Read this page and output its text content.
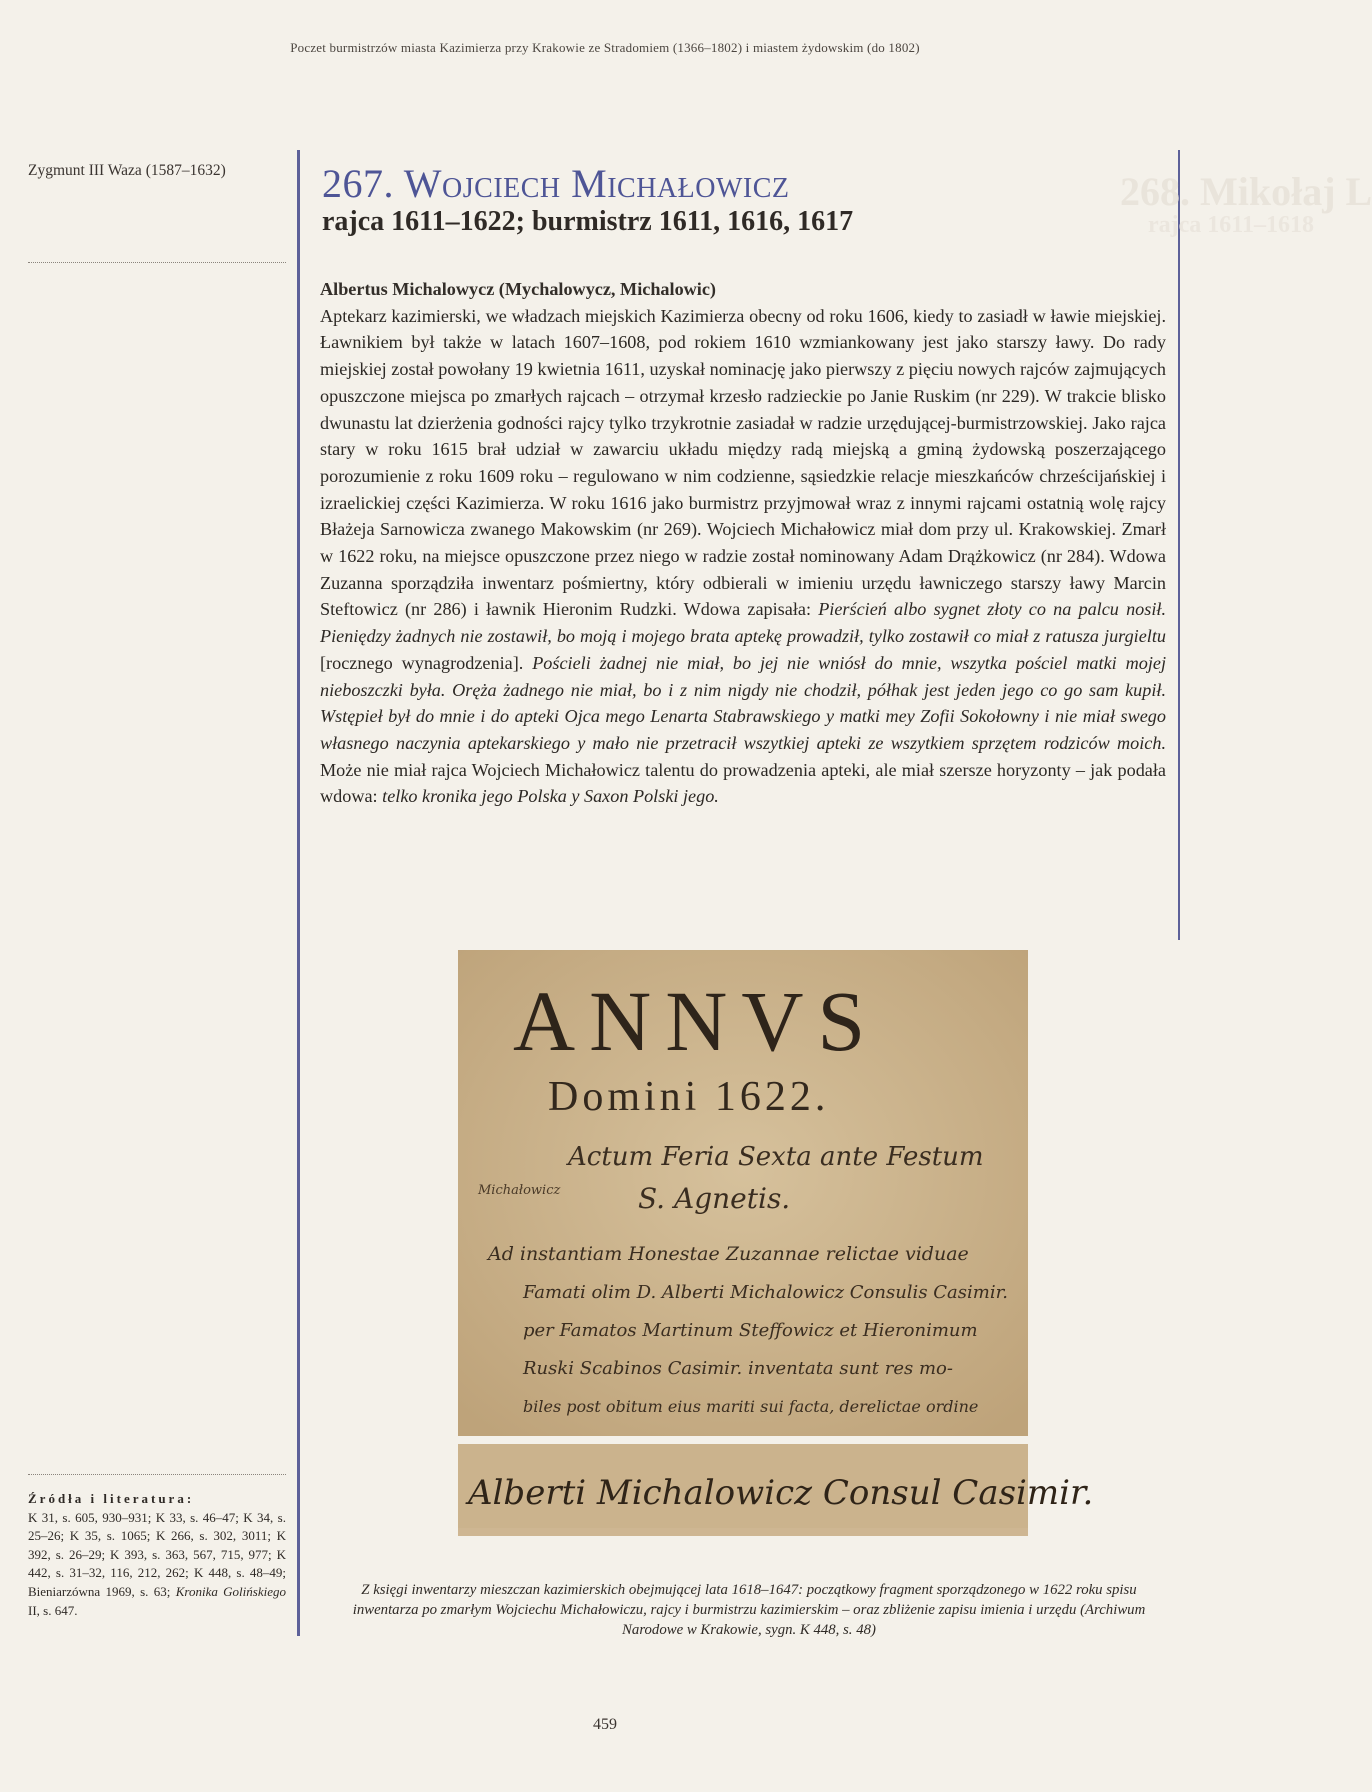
Poczet burmistrzów miasta Kazimierza przy Krakowie ze Stradomiem (1366–1802) i miastem żydowskim (do 1802)
Zygmunt III Waza (1587–1632)	268. Mikołaj L
rajca 1611–1618
267. Wojciech Michałowicz
rajca 1611–1622; burmistrz 1611, 1616, 1617
Albertus Michalowycz (Mychalowycz, Michalowic)

Aptekarz kazimierski, we władzach miejskich Kazimierza obecny od roku 1606, kiedy to zasiadł w ławie miejskiej. Ławnikiem był także w latach 1607–1608, pod rokiem 1610 wzmiankowany jest jako starszy ławy. Do rady miejskiej został powołany 19 kwietnia 1611, uzyskał nominację jako pierwszy z pięciu nowych rajców zajmujących opuszczone miejsca po zmarłych rajcach – otrzymał krzesło radzieckie po Janie Ruskim (nr 229). W trakcie blisko dwunastu lat dzierżenia godności rajcy tylko trzykrotnie zasiadał w radzie urzędującej-burmistrzowskiej. Jako rajca stary w roku 1615 brał udział w zawarciu układu między radą miejską a gminą żydowską poszerzającego porozumienie z roku 1609 roku – regulowano w nim codzienne, sąsiedzkie relacje mieszkańców chrześcijańskiej i izraelickiej części Kazimierza. W roku 1616 jako burmistrz przyjmował wraz z innymi rajcami ostatnią wolę rajcy Błażeja Sarnowicza zwanego Makowskim (nr 269). Wojciech Michałowicz miał dom przy ul. Krakowskiej. Zmarł w 1622 roku, na miejsce opuszczone przez niego w radzie został nominowany Adam Drążkowicz (nr 284). Wdowa Zuzanna sporządziła inwentarz pośmiertny, który odbierali w imieniu urzędu ławniczego starszy ławy Marcin Steftowicz (nr 286) i ławnik Hieronim Rudzki. Wdowa zapisała: Pierścień albo sygnet złoty co na palcu nosił. Pieniędzy żadnych nie zostawił, bo moją i mojego brata aptekę prowadził, tylko zostawił co miał z ratusza jurgieltu [rocznego wynagrodzenia]. Pościeli żadnej nie miał, bo jej nie wniósł do mnie, wszytka pościel matki mojej nieboszczki była. Oręża żadnego nie miał, bo i z nim nigdy nie chodził, półhak jest jeden jego co go sam kupił. Wstępieł był do mnie i do apteki Ojca mego Lenarta Stabrawskiego y matki mey Zofii Sokołowny i nie miał swego własnego naczynia aptekarskiego y mało nie przetracił wszytkiej apteki ze wszytkiem sprzętem rodziców moich. Może nie miał rajca Wojciech Michałowicz talentu do prowadzenia apteki, ale miał szersze horyzonty – jak podała wdowa: telko kronika jego Polska y Saxon Polski jego.

ANNVS
Domini 1622.
Actum Feria Sexta ante Festum
S. Agnetis.
Michałowicz
Ad instantiam Honestae Zuzannae relictae viduae
Famati olim D. Alberti Michalowicz Consulis Casimir.
per Famatos Martinum Steffowicz et Hieronimum
Ruski Scabinos Casimir. inventata sunt res mo-
biles post obitum eius mariti sui facta, derelictae ordine
Alberti Michalowicz Consul Casimir.
Z księgi inwentarzy mieszczan kazimierskich obejmującej lata 1618–1647: początkowy fragment sporządzonego w 1622 roku spisu inwentarza po zmarłym Wojciechu Michałowiczu, rajcy i burmistrzu kazimierskim – oraz zbliżenie zapisu imienia i urzędu (Archiwum Narodowe w Krakowie, sygn. K 448, s. 48)
Źródła i literatura:
K 31, s. 605, 930–931; K 33, s. 46–47; K 34, s. 25–26; K 35, s. 1065; K 266, s. 302, 3011; K 392, s. 26–29; K 393, s. 363, 567, 715, 977; K 442, s. 31–32, 116, 212, 262; K 448, s. 48–49; Bieniarzówna 1969, s. 63; Kronika Golińskiego II, s. 647.
459
